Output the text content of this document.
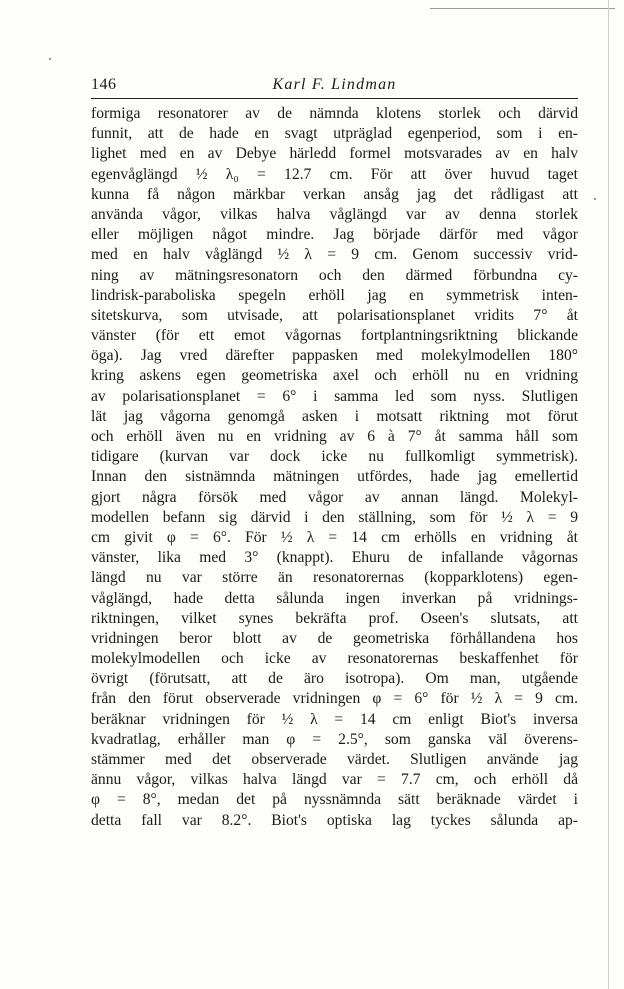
146	Karl F. Lindman
formiga resonatorer av de nämnda klotens storlek och därvid
funnit, att de hade en svagt utpräglad egenperiod, som i en-
lighet med en av Debye härledd formel motsvarades av en halv
egenvåglängd ½ λ₀ = 12.7 cm. För att över huvud taget
kunna få någon märkbar verkan ansåg jag det rådligast att
använda vågor, vilkas halva våglängd var av denna storlek
eller möjligen något mindre. Jag började därför med vågor
med en halv våglängd ½ λ = 9 cm. Genom successiv vrid-
ning av mätningsresonatorn och den därmed förbundna cy-
lindrisk-paraboliska spegeln erhöll jag en symmetrisk inten-
sitetskurva, som utvisade, att polarisationsplanet vridits 7° åt
vänster (för ett emot vågornas fortplantningsriktning blickande
öga). Jag vred därefter pappasken med molekylmodellen 180°
kring askens egen geometriska axel och erhöll nu en vridning
av polarisationsplanet = 6° i samma led som nyss. Slutligen
lät jag vågorna genomgå asken i motsatt riktning mot förut
och erhöll även nu en vridning av 6 à 7° åt samma håll som
tidigare (kurvan var dock icke nu fullkomligt symmetrisk).
Innan den sistnämnda mätningen utfördes, hade jag emellertid
gjort några försök med vågor av annan längd. Molekyl-
modellen befann sig därvid i den ställning, som för ½ λ = 9
cm givit φ = 6°. För ½ λ = 14 cm erhölls en vridning åt
vänster, lika med 3° (knappt). Ehuru de infallande vågornas
längd nu var större än resonatorernas (kopparklotens) egen-
våglängd, hade detta sålunda ingen inverkan på vridnings-
riktningen, vilket synes bekräfta prof. Oseen's slutsats, att
vridningen beror blott av de geometriska förhållandena hos
molekylmodellen och icke av resonatorernas beskaffenhet för
övrigt (förutsatt, att de äro isotropa). Om man, utgående
från den förut observerade vridningen φ = 6° för ½ λ = 9 cm.
beräknar vridningen för ½ λ = 14 cm enligt Biot's inversa
kvadratlag, erhåller man φ = 2.5°, som ganska väl överens-
stämmer med det observerade värdet. Slutligen använde jag
ännu vågor, vilkas halva längd var = 7.7 cm, och erhöll då
φ = 8°, medan det på nyssnämnda sätt beräknade värdet i
detta fall var 8.2°. Biot's optiska lag tyckes sålunda ap-
